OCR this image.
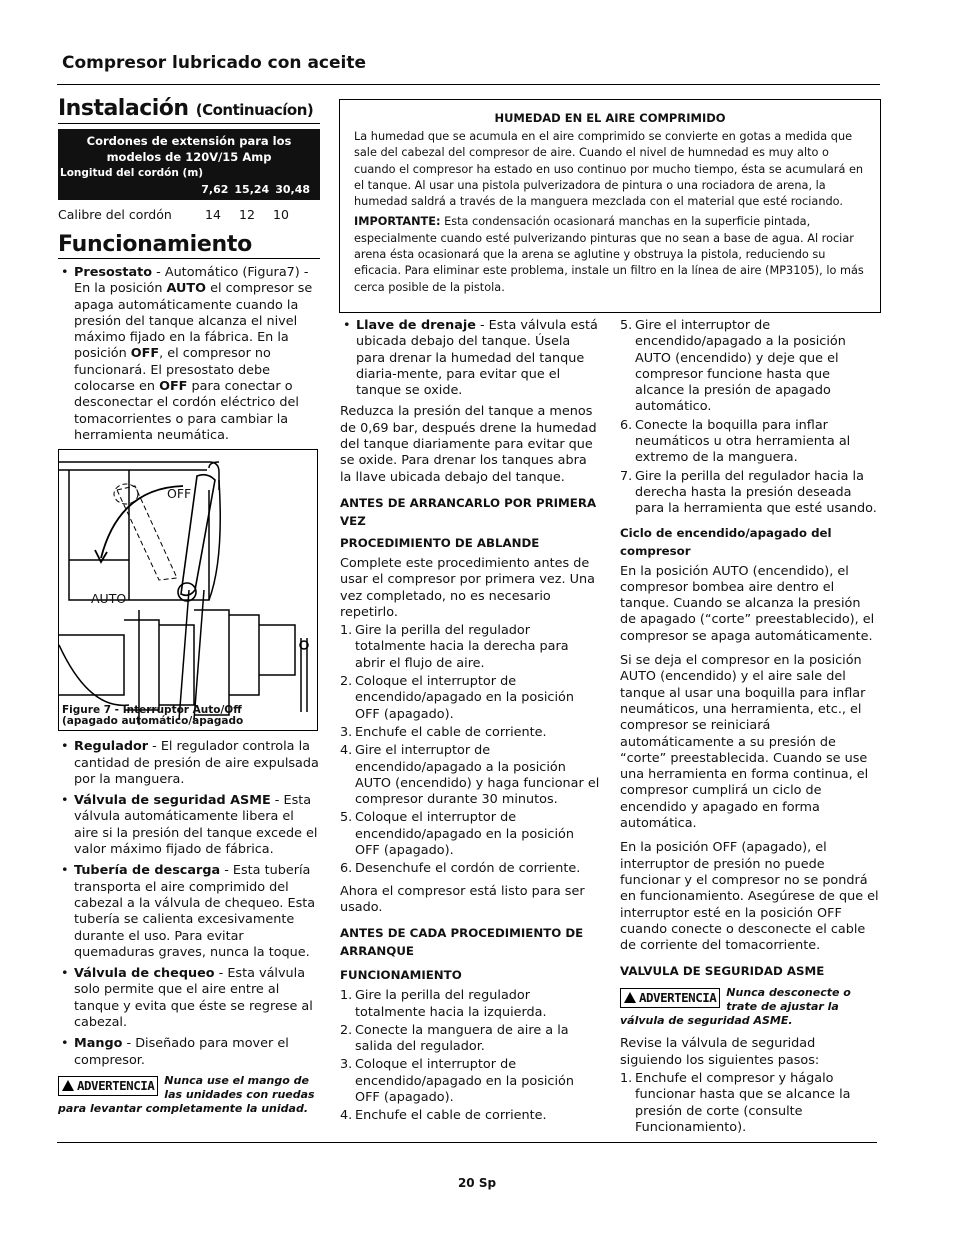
Compresor lubricado con aceite
Instalación (Continuacíon)
Cordones de extensión para los modelos de 120V/15 Amp
Longitud del cordón (m)
7,62 15,24 30,48
Calibre del cordón	14	12	10
Funcionamiento
• Presostato - Automático (Figura7) - En la posición AUTO el compresor se apaga automáticamente cuando la presión del tanque alcanza el nivel máximo fijado en la fábrica. En la posición OFF, el compresor no funcionará. El presostato debe colocarse en OFF para conectar o desconectar el cordón eléctrico del tomacorrientes o para cambiar la herramienta neumática.
OFF
AUTO
Figure 7 - Interruptor Auto/Off
(apagado automático/apagado
• Regulador - El regulador controla la cantidad de presión de aire expulsada por la manguera.
• Válvula de seguridad ASME - Esta válvula automáticamente libera el aire si la presión del tanque excede el valor máximo fijado de fábrica.
• Tubería de descarga - Esta tubería transporta el aire comprimido del cabezal a la válvula de chequeo. Esta tubería se calienta excesivamente durante el uso. Para evitar quemaduras graves, nunca la toque.
• Válvula de chequeo - Esta válvula solo permite que el aire entre al tanque y evita que éste se regrese al cabezal.
• Mango - Diseñado para mover el compresor.
ADVERTENCIA Nunca use el mango de las unidades con ruedas para levantar completamente la unidad.
HUMEDAD EN EL AIRE COMPRIMIDO

La humedad que se acumula en el aire comprimido se convierte en gotas a medida que sale del cabezal del compresor de aire. Cuando el nivel de humnedad es muy alto o cuando el compresor ha estado en uso continuo por mucho tiempo, ésta se acumulará en el tanque. Al usar una pistola pulverizadora de pintura o una rociadora de arena, la humedad saldrá a través de la manguera mezclada con el material que esté rociando.

IMPORTANTE: Esta condensación ocasionará manchas en la superficie pintada, especialmente cuando esté pulverizando pinturas que no sean a base de agua. Al rociar arena ésta ocasionará que la arena se aglutine y obstruya la pistola, reduciendo su eficacia. Para eliminar este problema, instale un filtro en la línea de aire (MP3105), lo más cerca posible de la pistola.

• Llave de drenaje - Esta válvula está ubicada debajo del tanque. Úsela para drenar la humedad del tanque diaria-mente, para evitar que el tanque se oxide.

Reduzca la presión del tanque a menos de 0,69 bar, después drene la humedad del tanque diariamente para evitar que se oxide. Para drenar los tanques abra la llave ubicada debajo del tanque.

ANTES DE ARRANCARLO POR PRIMERA VEZ
PROCEDIMIENTO DE ABLANDE

Complete este procedimiento antes de usar el compresor por primera vez. Una vez completado, no es necesario repetirlo.

1. Gire la perilla del regulador totalmente hacia la derecha para abrir el flujo de aire.
2. Coloque el interruptor de encendido/apagado en la posición OFF (apagado).
3. Enchufe el cable de corriente.
4. Gire el interruptor de encendido/apagado a la posición AUTO (encendido) y haga funcionar el compresor durante 30 minutos.
5. Coloque el interruptor de encendido/apagado en la posición OFF (apagado).
6. Desenchufe el cordón de corriente.

Ahora el compresor está listo para ser usado.

ANTES DE CADA PROCEDIMIENTO DE ARRANQUE
FUNCIONAMIENTO
1. Gire la perilla del regulador totalmente hacia la izquierda.
2. Conecte la manguera de aire a la salida del regulador.
3. Coloque el interruptor de encendido/apagado en la posición OFF (apagado).
4. Enchufe el cable de corriente.
5. Gire el interruptor de encendido/apagado a la posición AUTO (encendido) y deje que el compresor funcione hasta que alcance la presión de apagado automático.
6. Conecte la boquilla para inflar neumáticos u otra herramienta al extremo de la manguera.
7. Gire la perilla del regulador hacia la derecha hasta la presión deseada para la herramienta que esté usando.
Ciclo de encendido/apagado del compresor

En la posición AUTO (encendido), el compresor bombea aire dentro el tanque. Cuando se alcanza la presión de apagado (“corte” preestablecido), el compresor se apaga automáticamente.

Si se deja el compresor en la posición AUTO (encendido) y el aire sale del tanque al usar una boquilla para inflar neumáticos, una herramienta, etc., el compresor se reiniciará automáticamente a su presión de “corte” preestablecida. Cuando se use una herramienta en forma continua, el compresor cumplirá un ciclo de encendido y apagado en forma automática.

En la posición OFF (apagado), el interruptor de presión no puede funcionar y el compresor no se pondrá en funcionamiento. Asegúrese de que el interruptor esté en la posición OFF cuando conecte o desconecte el cable de corriente del tomacorriente.

VALVULA DE SEGURIDAD ASME
ADVERTENCIA Nunca desconecte o trate de ajustar la válvula de seguridad ASME.

Revise la válvula de seguridad siguiendo los siguientes pasos:

1. Enchufe el compresor y hágalo funcionar hasta que se alcance la presión de corte (consulte Funcionamiento).
20 Sp
